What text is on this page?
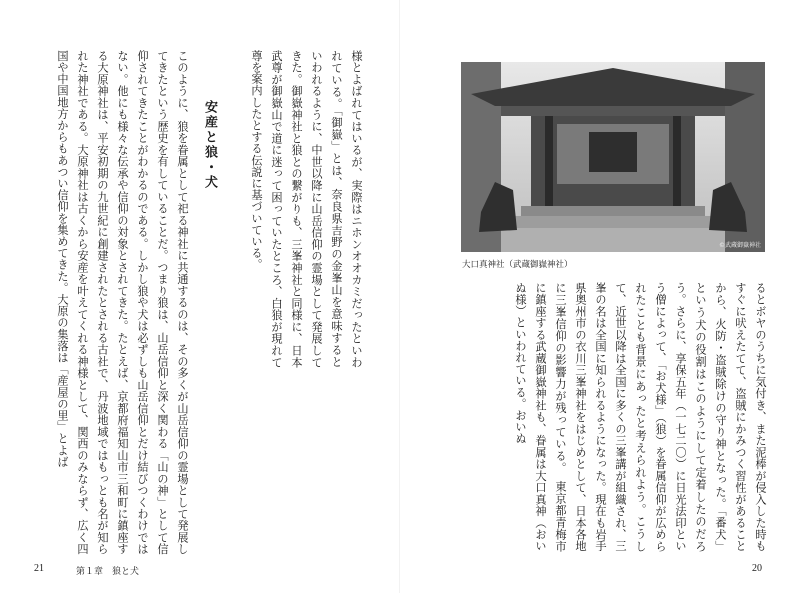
様とよばれてはいるが、実際はニホンオオカミだったといわれている。「御嶽」とは、奈良県吉野の金峯山を意味するといわれるように、中世以降に山岳信仰の霊場として発展してきた。御嶽神社と狼との繋がりも、三峯神社と同様に、日本武尊が御嶽山で道に迷って困っていたところ、白狼が現れて尊を案内したとする伝説に基づいている。
安産と狼・犬
このように、狼を眷属として祀る神社に共通するのは、その多くが山岳信仰の霊場として発展してきたという歴史を有していることだ。つまり狼は、山岳信仰と深く関わる「山の神」として信仰されてきたことがわかるのである。しかし狼や犬は必ずしも山岳信仰とだけ結びつくわけではない。他にも様々な伝承や信仰の対象とされてきた。たとえば、京都府福知山市三和町に鎮座する大原神社は、平安初期の九世紀に創建されたとされる古社で、丹波地域ではもっとも名が知られた神社である。大原神社は古くから安産を叶えてくれる神様として、関西のみならず、広く四国や中国地方からもあつい信仰を集めてきた。大原の集落は「産屋の里」とよば
21	第１章　狼と犬
©武蔵御嶽神社
大口真神社（武蔵御嶽神社）
るとボヤのうちに気付き、また泥棒が侵入した時もすぐに吠えたてて、盗賊にかみつく習性があることから、火防・盗賊除けの守り神となった。「番犬」という犬の役割はこのようにして定着したのだろう。さらに、享保五年（一七二〇）に日光法印という僧によって、「お犬様」（狼）を眷属信仰が広められたことも背景にあったと考えられよう。こうして、近世以降は全国に多くの三峯講が組織され、三峯の名は全国に知られるようになった。現在も岩手県奥州市の衣川三峯神社をはじめとして、日本各地に三峯信仰の影響力が残っている。　東京都青梅市に鎮座する武蔵御嶽神社も、眷属は大口真神（おいぬ様）といわれている。おいぬ
20
